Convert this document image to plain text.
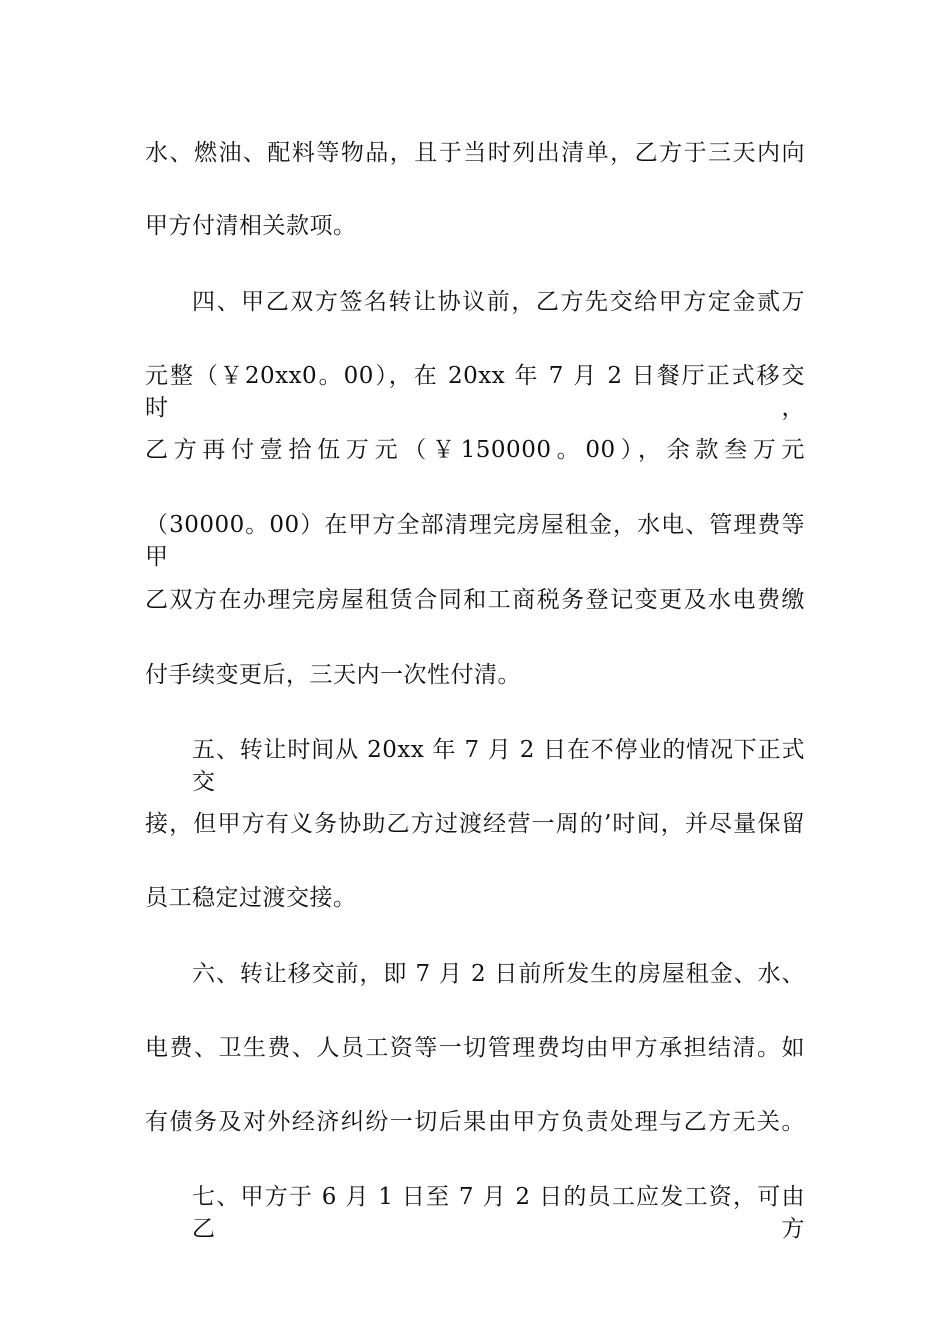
水、燃油、配料等物品，且于当时列出清单，乙方于三天内向
甲方付清相关款项。
四、甲乙双方签名转让协议前，乙方先交给甲方定金贰万
元整（￥20xx0。00），在 20xx 年 7 月 2 日餐厅正式移交时，
乙方再付壹拾伍万元（￥150000。00），余款叁万元
（30000。00）在甲方全部清理完房屋租金，水电、管理费等甲
乙双方在办理完房屋租赁合同和工商税务登记变更及水电费缴
付手续变更后，三天内一次性付清。
五、转让时间从 20xx 年 7 月 2 日在不停业的情况下正式交
接，但甲方有义务协助乙方过渡经营一周的’时间，并尽量保留
员工稳定过渡交接。
六、转让移交前，即 7 月 2 日前所发生的房屋租金、水、
电费、卫生费、人员工资等一切管理费均由甲方承担结清。如
有债务及对外经济纠纷一切后果由甲方负责处理与乙方无关。
七、甲方于 6 月 1 日至 7 月 2 日的员工应发工资，可由乙方
